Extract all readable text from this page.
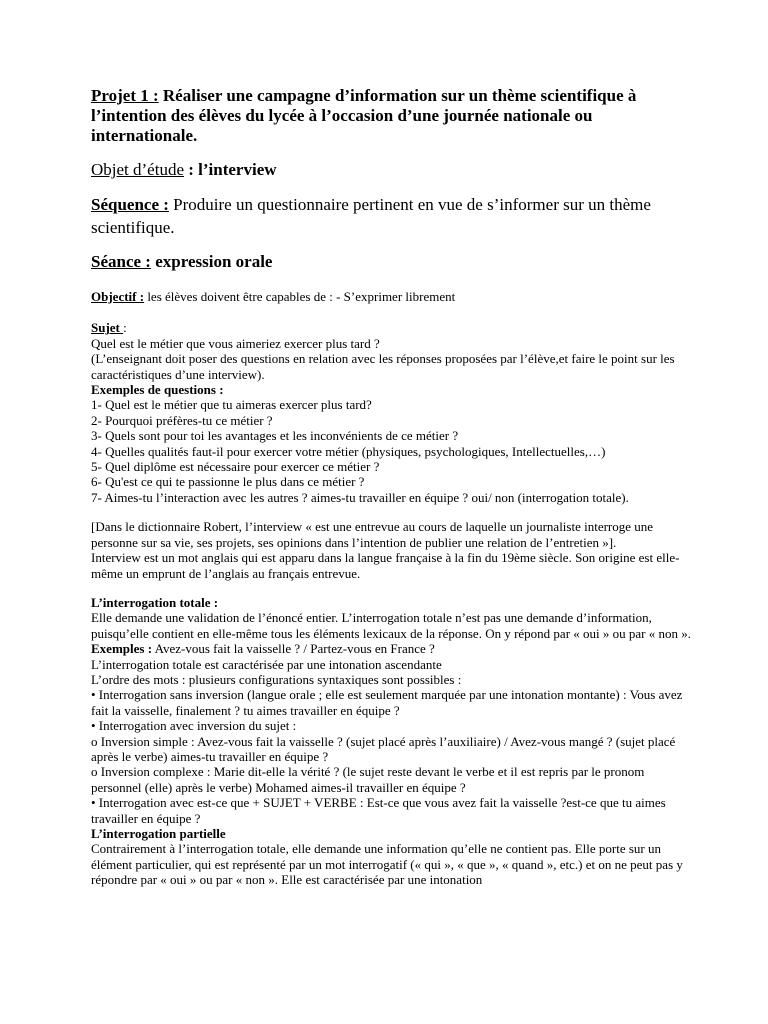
Projet 1 : Réaliser une campagne d’information sur un thème scientifique à l’intention des élèves du lycée à l’occasion d’une journée nationale ou internationale.

Objet d’étude : l’interview

Séquence : Produire un questionnaire pertinent en vue de s’informer sur un thème scientifique.

Séance : expression orale

Objectif : les élèves doivent être capables de : - S’exprimer librement

Sujet :

Quel est le métier que vous aimeriez exercer plus tard ?

(L’enseignant doit poser des questions en relation avec les réponses proposées par l’élève,et faire le point sur les caractéristiques d’une interview).

Exemples de questions :

1- Quel est le métier que tu aimeras exercer plus tard?

2- Pourquoi préfères-tu ce métier ?

3- Quels sont pour toi les avantages et les inconvénients de ce métier ?

4- Quelles qualités faut-il pour exercer votre métier (physiques, psychologiques, Intellectuelles,…)

5- Quel diplôme est nécessaire pour exercer ce métier ?

6- Qu'est ce qui te passionne le plus dans ce métier ?

7- Aimes-tu l’interaction avec les autres ? aimes-tu travailler en équipe ? oui/ non (interrogation totale).

[Dans le dictionnaire Robert, l’interview « est une entrevue au cours de laquelle un journaliste interroge une personne sur sa vie, ses projets, ses opinions dans l’intention de publier une relation de l’entretien »].

Interview est un mot anglais qui est apparu dans la langue française à la fin du 19ème siècle. Son origine est elle-même un emprunt de l’anglais au français entrevue.

L’interrogation totale :

Elle demande une validation de l’énoncé entier. L’interrogation totale n’est pas une demande d’information, puisqu’elle contient en elle-même tous les éléments lexicaux de la réponse. On y répond par « oui » ou par « non ». Exemples : Avez-vous fait la vaisselle ? / Partez-vous en France ?

L’interrogation totale est caractérisée par une intonation ascendante

L’ordre des mots : plusieurs configurations syntaxiques sont possibles :

• Interrogation sans inversion (langue orale ; elle est seulement marquée par une intonation montante) : Vous avez fait la vaisselle, finalement ? tu aimes travailler en équipe ?

• Interrogation avec inversion du sujet :

o Inversion simple : Avez-vous fait la vaisselle ? (sujet placé après l’auxiliaire) / Avez-vous mangé ? (sujet placé après le verbe) aimes-tu travailler en équipe ?

o Inversion complexe : Marie dit-elle la vérité ? (le sujet reste devant le verbe et il est repris par le pronom personnel (elle) après le verbe) Mohamed aimes-il travailler en équipe ?

• Interrogation avec est-ce que + SUJET + VERBE : Est-ce que vous avez fait la vaisselle ?est-ce que tu aimes travailler en équipe ?

L’interrogation partielle

Contrairement à l’interrogation totale, elle demande une information qu’elle ne contient pas. Elle porte sur un élément particulier, qui est représenté par un mot interrogatif (« qui », « que », « quand », etc.) et on ne peut pas y répondre par « oui » ou par « non ». Elle est caractérisée par une intonation
